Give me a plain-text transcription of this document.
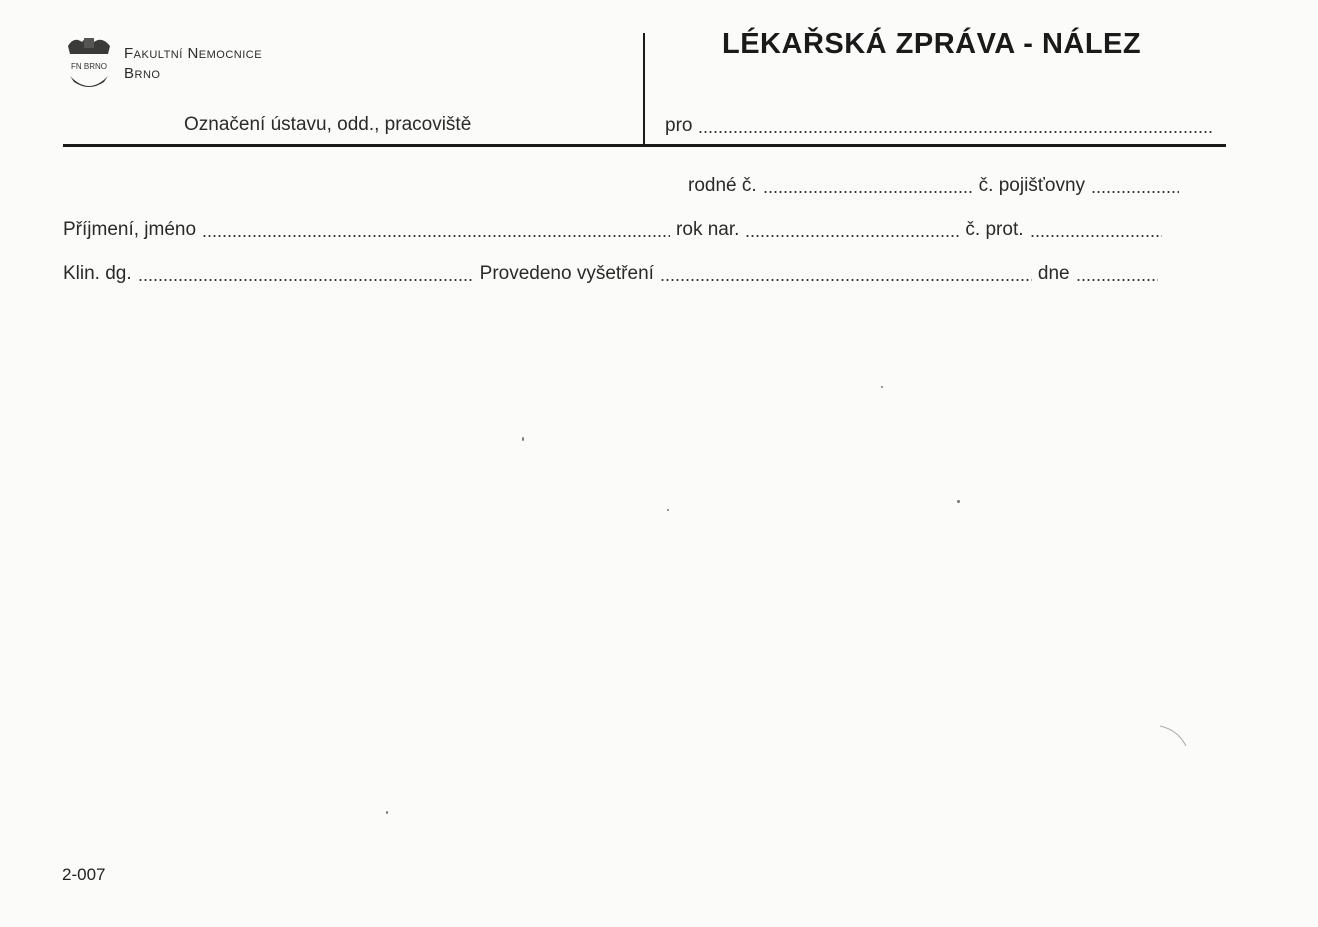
FN BRNO
Fakultní Nemocnice
Brno
Označení ústavu, odd., pracoviště
LÉKAŘSKÁ ZPRÁVA - NÁLEZ
pro
rodné č.	č. pojišťovny
Příjmení, jméno	rok nar.	č. prot.
Klin. dg.	Provedeno vyšetření	dne
2-007
